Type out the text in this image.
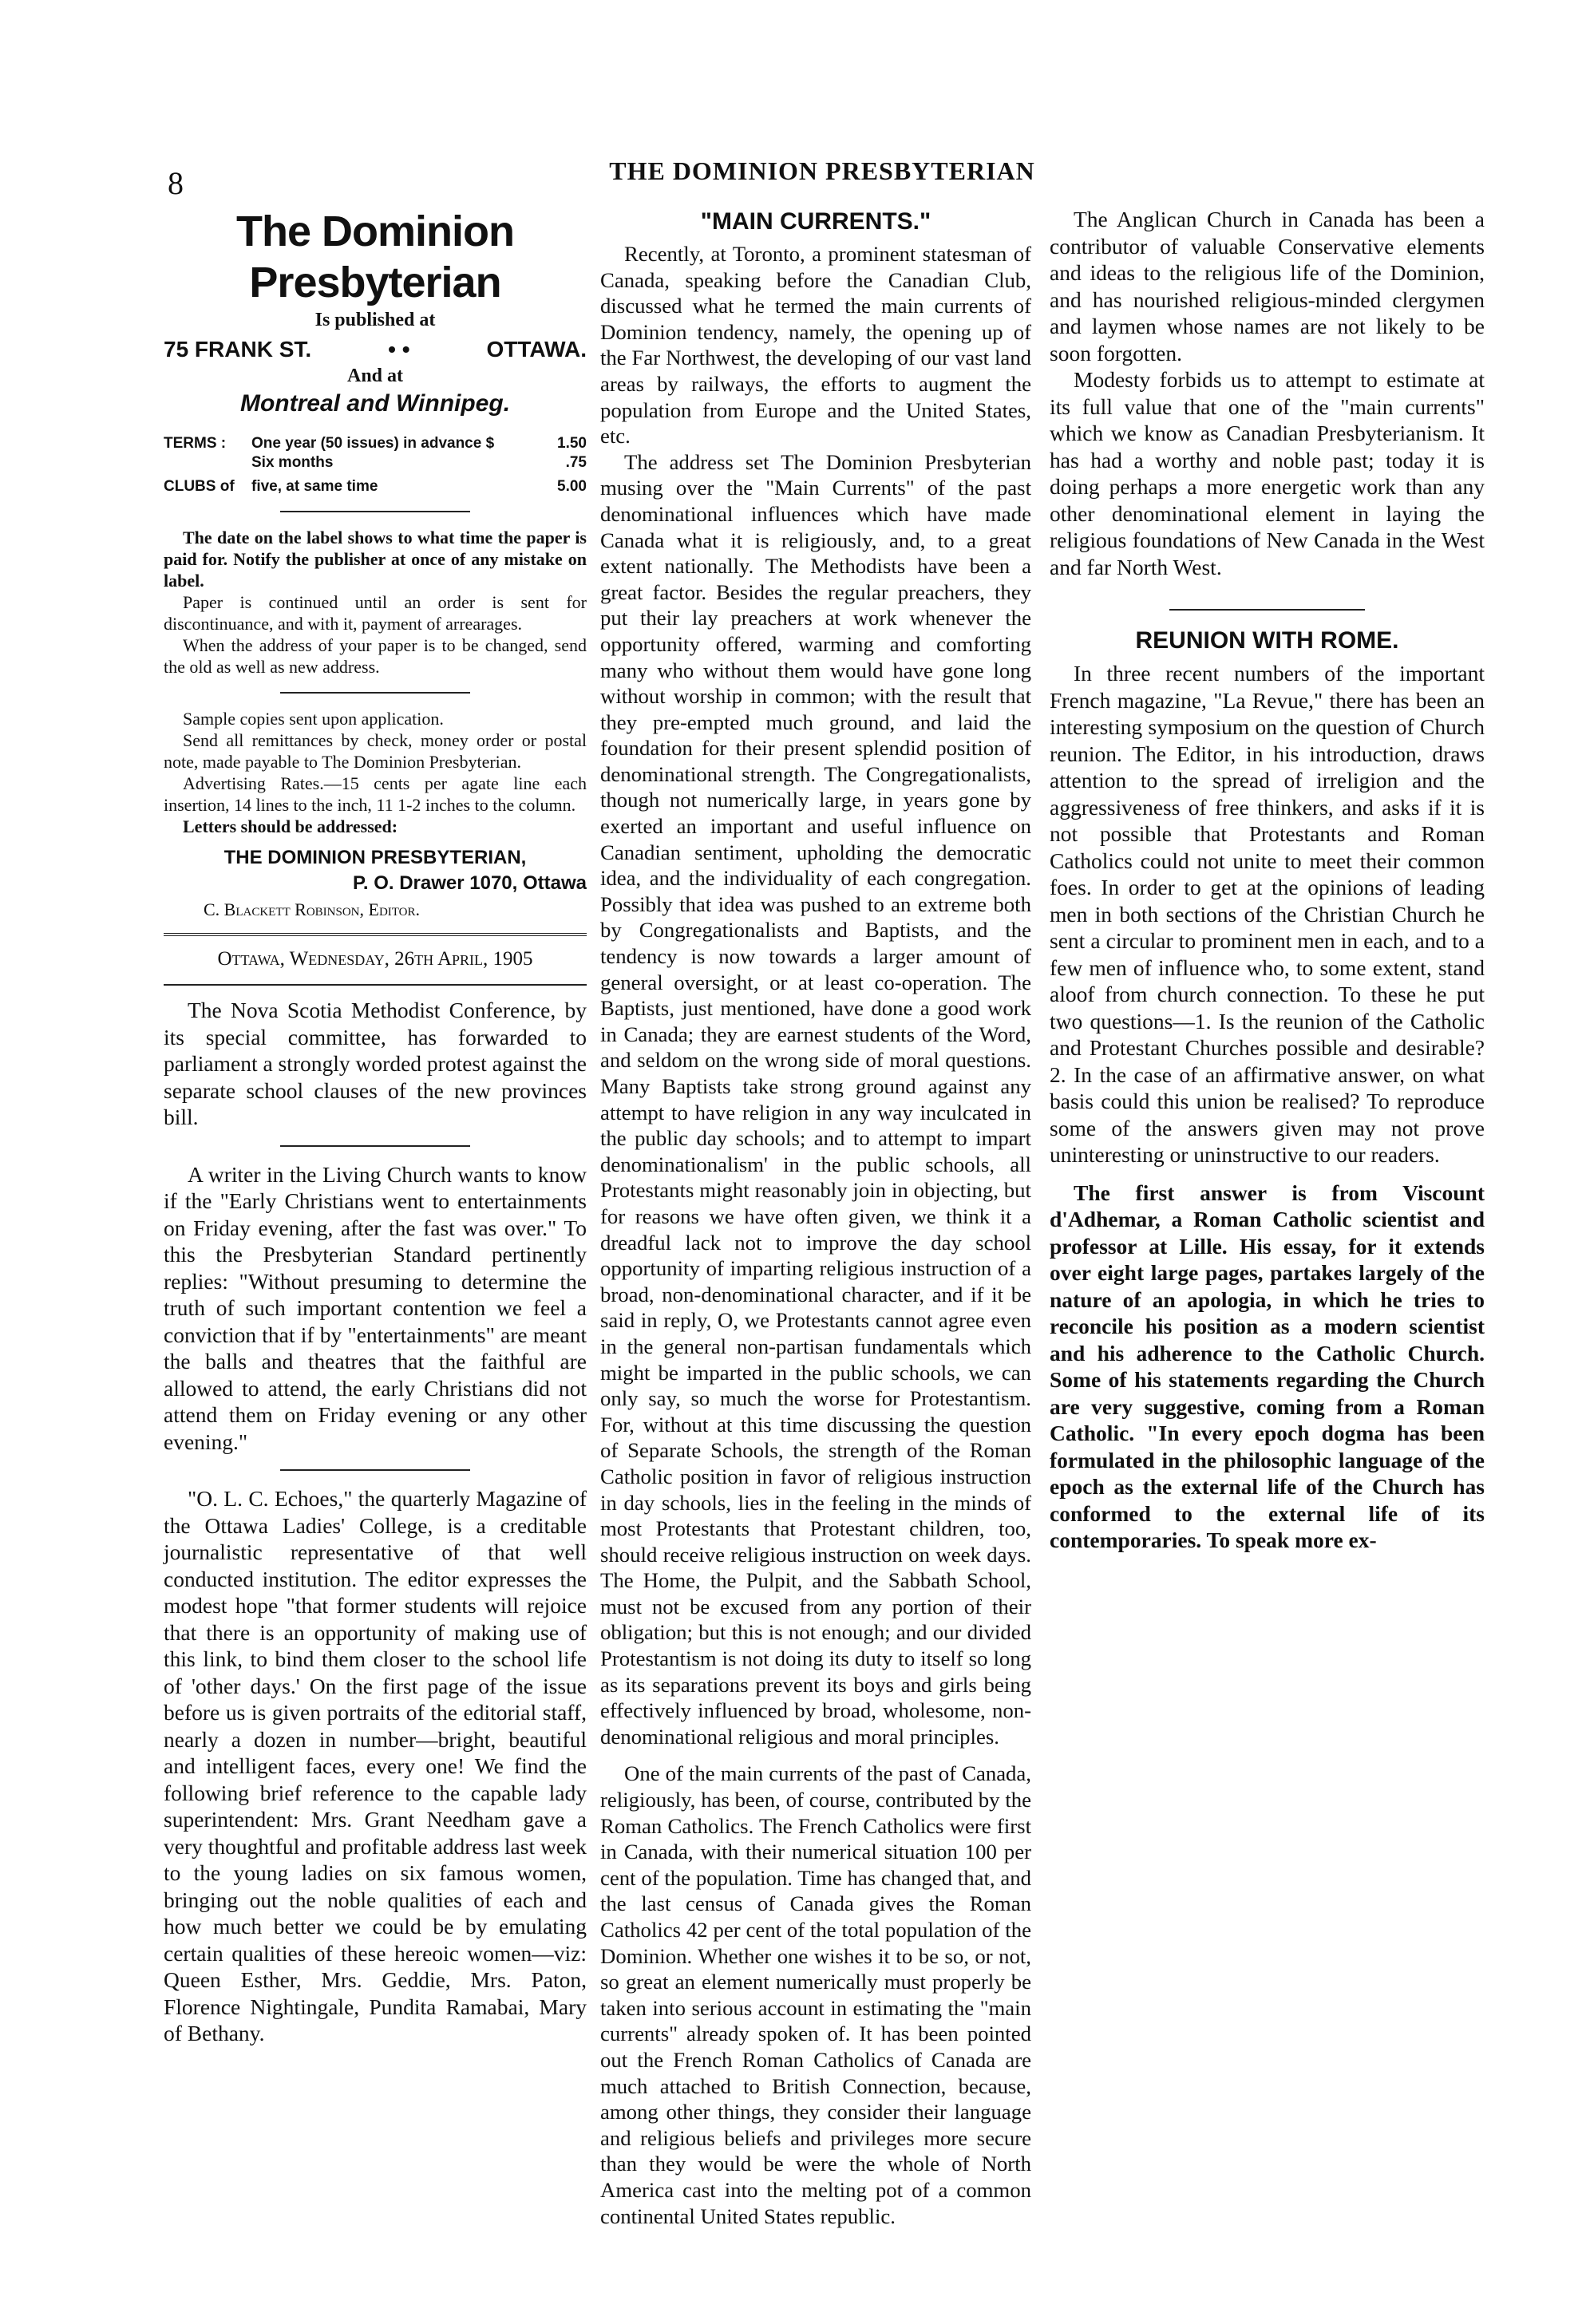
8	THE DOMINION PRESBYTERIAN
The Dominion Presbyterian
Is published at
75 FRANK ST.	• •	OTTAWA.
And at
Montreal and Winnipeg.
TERMS :	One year (50 issues) in advance $	1.50
Six months	.75
CLUBS of	five, at same time	5.00

The date on the label shows to what time the paper is paid for. Notify the publisher at once of any mistake on label.

Paper is continued until an order is sent for discontinuance, and with it, payment of arrearages.

When the address of your paper is to be changed, send the old as well as new address.

Sample copies sent upon application.

Send all remittances by check, money order or postal note, made payable to The Dominion Presbyterian.

Advertising Rates.—15 cents per agate line each insertion, 14 lines to the inch, 11 1-2 inches to the column.

Letters should be addressed:

THE DOMINION PRESBYTERIAN,
P. O. Drawer 1070, Ottawa
C. Blackett Robinson, Editor.
Ottawa, Wednesday, 26th April, 1905

The Nova Scotia Methodist Conference, by its special committee, has forwarded to parliament a strongly worded protest against the separate school clauses of the new provinces bill.

A writer in the Living Church wants to know if the "Early Christians went to entertainments on Friday evening, after the fast was over." To this the Presbyterian Standard pertinently replies: "Without presuming to determine the truth of such important contention we feel a conviction that if by "entertainments" are meant the balls and theatres that the faithful are allowed to attend, the early Christians did not attend them on Friday evening or any other evening."

"O. L. C. Echoes," the quarterly Magazine of the Ottawa Ladies' College, is a creditable journalistic representative of that well conducted institution. The editor expresses the modest hope "that former students will rejoice that there is an opportunity of making use of this link, to bind them closer to the school life of 'other days.' On the first page of the issue before us is given portraits of the editorial staff, nearly a dozen in number—bright, beautiful and intelligent faces, every one! We find the following brief reference to the capable lady superintendent: Mrs. Grant Needham gave a very thoughtful and profitable address last week to the young ladies on six famous women, bringing out the noble qualities of each and how much better we could be by emulating certain qualities of these hereoic women—viz: Queen Esther, Mrs. Geddie, Mrs. Paton, Florence Nightingale, Pundita Ramabai, Mary of Bethany.

"MAIN CURRENTS."

Recently, at Toronto, a prominent statesman of Canada, speaking before the Canadian Club, discussed what he termed the main currents of Dominion tendency, namely, the opening up of the Far Northwest, the developing of our vast land areas by railways, the efforts to augment the population from Europe and the United States, etc.

The address set The Dominion Presbyterian musing over the "Main Currents" of the past denominational influences which have made Canada what it is religiously, and, to a great extent nationally. The Methodists have been a great factor. Besides the regular preachers, they put their lay preachers at work whenever the opportunity offered, warming and comforting many who without them would have gone long without worship in common; with the result that they pre-empted much ground, and laid the foundation for their present splendid position of denominational strength. The Congregationalists, though not numerically large, in years gone by exerted an important and useful influence on Canadian sentiment, upholding the democratic idea, and the individuality of each congregation. Possibly that idea was pushed to an extreme both by Congregationalists and Baptists, and the tendency is now towards a larger amount of general oversight, or at least co-operation. The Baptists, just mentioned, have done a good work in Canada; they are earnest students of the Word, and seldom on the wrong side of moral questions. Many Baptists take strong ground against any attempt to have religion in any way inculcated in the public day schools; and to attempt to impart denominationalism' in the public schools, all Protestants might reasonably join in objecting, but for reasons we have often given, we think it a dreadful lack not to improve the day school opportunity of imparting religious instruction of a broad, non-denominational character, and if it be said in reply, O, we Protestants cannot agree even in the general non-partisan fundamentals which might be imparted in the public schools, we can only say, so much the worse for Protestantism. For, without at this time discussing the question of Separate Schools, the strength of the Roman Catholic position in favor of religious instruction in day schools, lies in the feeling in the minds of most Protestants that Protestant children, too, should receive religious instruction on week days. The Home, the Pulpit, and the Sabbath School, must not be excused from any portion of their obligation; but this is not enough; and our divided Protestantism is not doing its duty to itself so long as its separations prevent its boys and girls being effectively influenced by broad, wholesome, non-denominational religious and moral principles.

One of the main currents of the past of Canada, religiously, has been, of course, contributed by the Roman Catholics. The French Catholics were first in Canada, with their numerical situation 100 per cent of the population. Time has changed that, and the last census of Canada gives the Roman Catholics 42 per cent of the total population of the Dominion. Whether one wishes it to be so, or not, so great an element numerically must properly be taken into serious account in estimating the "main currents" already spoken of. It has been pointed out the French Roman Catholics of Canada are much attached to British Connection, because, among other things, they consider their language and religious beliefs and privileges more secure than they would be were the whole of North America cast into the melting pot of a common continental United States republic.

The Anglican Church in Canada has been a contributor of valuable Conservative elements and ideas to the religious life of the Dominion, and has nourished religious-minded clergymen and laymen whose names are not likely to be soon forgotten.

Modesty forbids us to attempt to estimate at its full value that one of the "main currents" which we know as Canadian Presbyterianism. It has had a worthy and noble past; today it is doing perhaps a more energetic work than any other denominational element in laying the religious foundations of New Canada in the West and far North West.

REUNION WITH ROME.

In three recent numbers of the important French magazine, "La Revue," there has been an interesting symposium on the question of Church reunion. The Editor, in his introduction, draws attention to the spread of irreligion and the aggressiveness of free thinkers, and asks if it is not possible that Protestants and Roman Catholics could not unite to meet their common foes. In order to get at the opinions of leading men in both sections of the Christian Church he sent a circular to prominent men in each, and to a few men of influence who, to some extent, stand aloof from church connection. To these he put two questions—1. Is the reunion of the Catholic and Protestant Churches possible and desirable? 2. In the case of an affirmative answer, on what basis could this union be realised? To reproduce some of the answers given may not prove uninteresting or uninstructive to our readers.

The first answer is from Viscount d'Adhemar, a Roman Catholic scientist and professor at Lille. His essay, for it extends over eight large pages, partakes largely of the nature of an apologia, in which he tries to reconcile his position as a modern scientist and his adherence to the Catholic Church. Some of his statements regarding the Church are very suggestive, coming from a Roman Catholic. "In every epoch dogma has been formulated in the philosophic language of the epoch as the external life of the Church has conformed to the external life of its contemporaries. To speak more ex-
